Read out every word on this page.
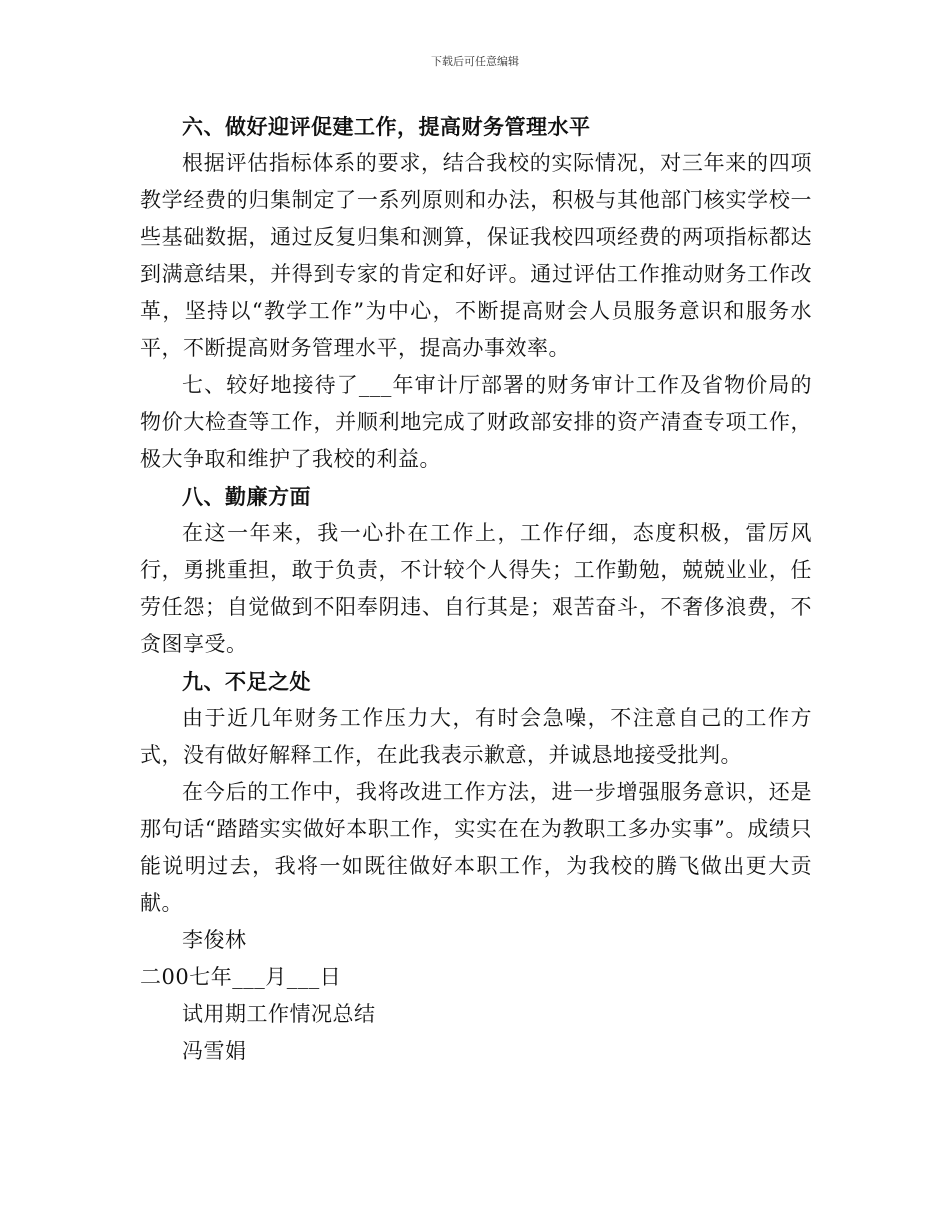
下载后可任意编辑

六、做好迎评促建工作，提高财务管理水平

根据评估指标体系的要求，结合我校的实际情况，对三年来的四项教学经费的归集制定了一系列原则和办法，积极与其他部门核实学校一些基础数据，通过反复归集和测算，保证我校四项经费的两项指标都达到满意结果，并得到专家的肯定和好评。通过评估工作推动财务工作改革，坚持以“教学工作”为中心，不断提高财会人员服务意识和服务水平，不断提高财务管理水平，提高办事效率。

七、较好地接待了___年审计厅部署的财务审计工作及省物价局的物价大检查等工作，并顺利地完成了财政部安排的资产清查专项工作，极大争取和维护了我校的利益。

八、勤廉方面

在这一年来，我一心扑在工作上，工作仔细，态度积极，雷厉风行，勇挑重担，敢于负责，不计较个人得失；工作勤勉，兢兢业业，任劳任怨；自觉做到不阳奉阴违、自行其是；艰苦奋斗，不奢侈浪费，不贪图享受。

九、不足之处

由于近几年财务工作压力大，有时会急噪，不注意自己的工作方式，没有做好解释工作，在此我表示歉意，并诚恳地接受批判。

在今后的工作中，我将改进工作方法，进一步增强服务意识，还是那句话“踏踏实实做好本职工作，实实在在为教职工多办实事”。成绩只能说明过去，我将一如既往做好本职工作，为我校的腾飞做出更大贡献。

李俊林

二00七年___月___日

试用期工作情况总结

冯雪娟
